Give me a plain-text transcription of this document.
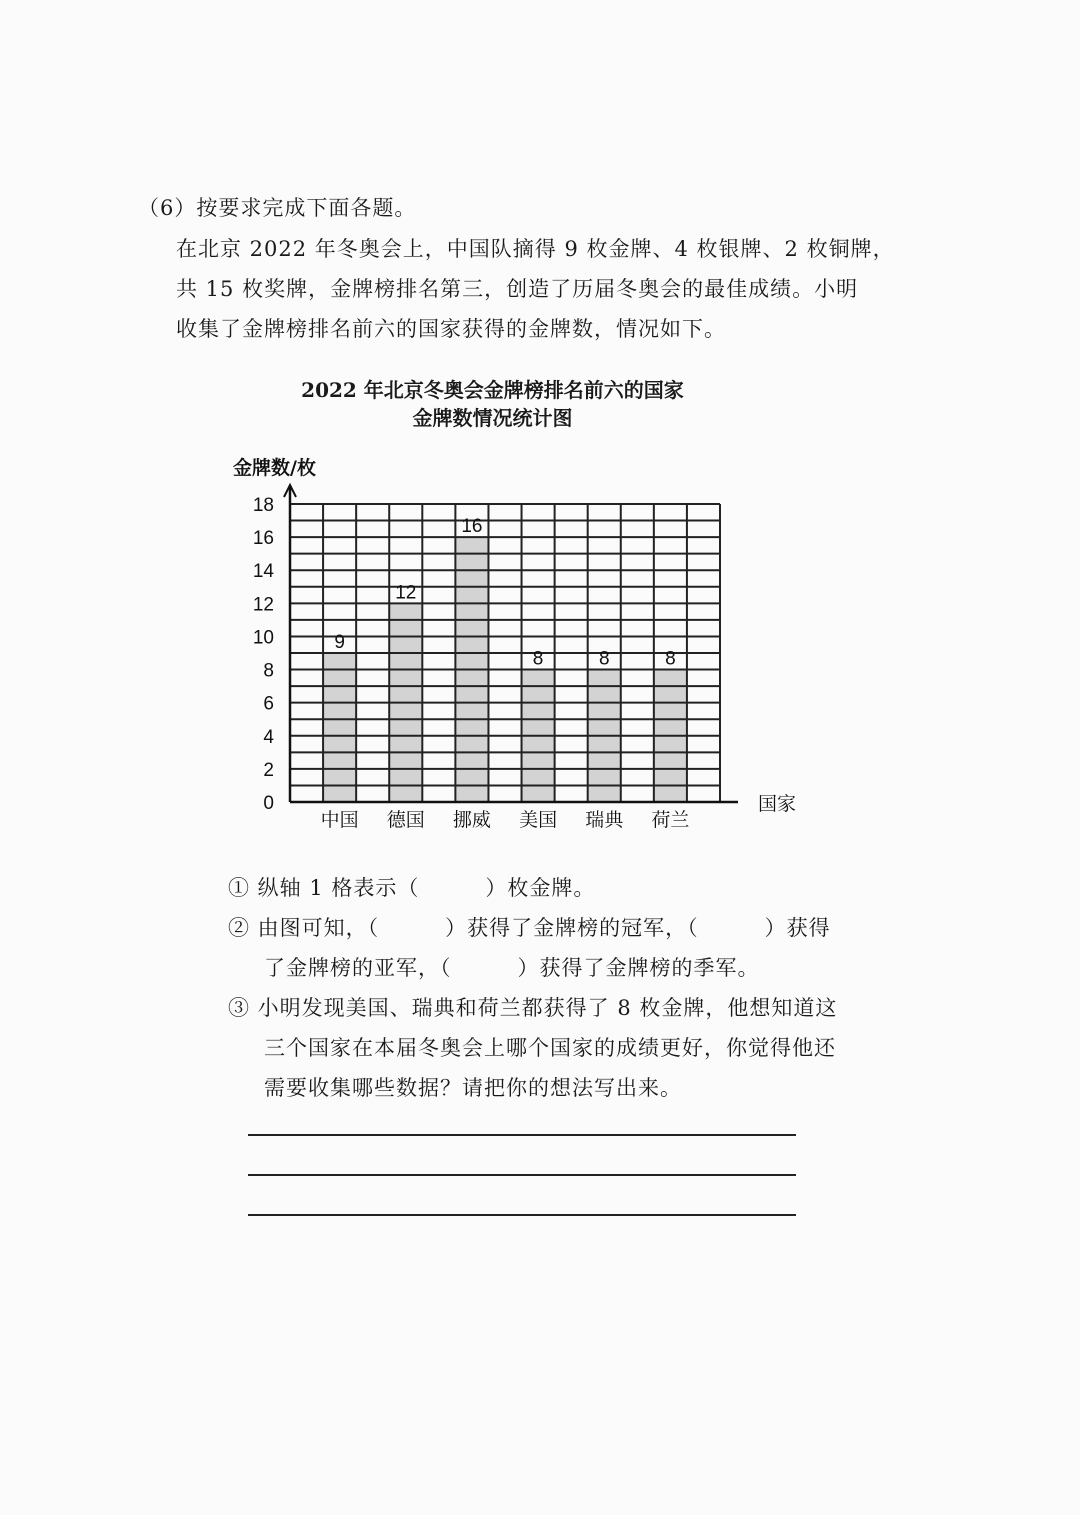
（6）按要求完成下面各题。
在北京 2022 年冬奥会上，中国队摘得 9 枚金牌、4 枚银牌、2 枚铜牌，
共 15 枚奖牌，金牌榜排名第三，创造了历届冬奥会的最佳成绩。小明
收集了金牌榜排名前六的国家获得的金牌数，情况如下。
2022 年北京冬奥会金牌榜排名前六的国家
金牌数情况统计图
0
2
4
6
8
10
12
14
16
18
金牌数/枚
国家
中国 德国 挪威 美国 瑞典 荷兰
9
12
16
8	8	8
① 纵轴 1 格表示（　　　）枚金牌。
② 由图可知，（　　　）获得了金牌榜的冠军，（　　　）获得
了金牌榜的亚军，（　　　）获得了金牌榜的季军。
③ 小明发现美国、瑞典和荷兰都获得了 8 枚金牌，他想知道这
三个国家在本届冬奥会上哪个国家的成绩更好，你觉得他还
需要收集哪些数据？请把你的想法写出来。
